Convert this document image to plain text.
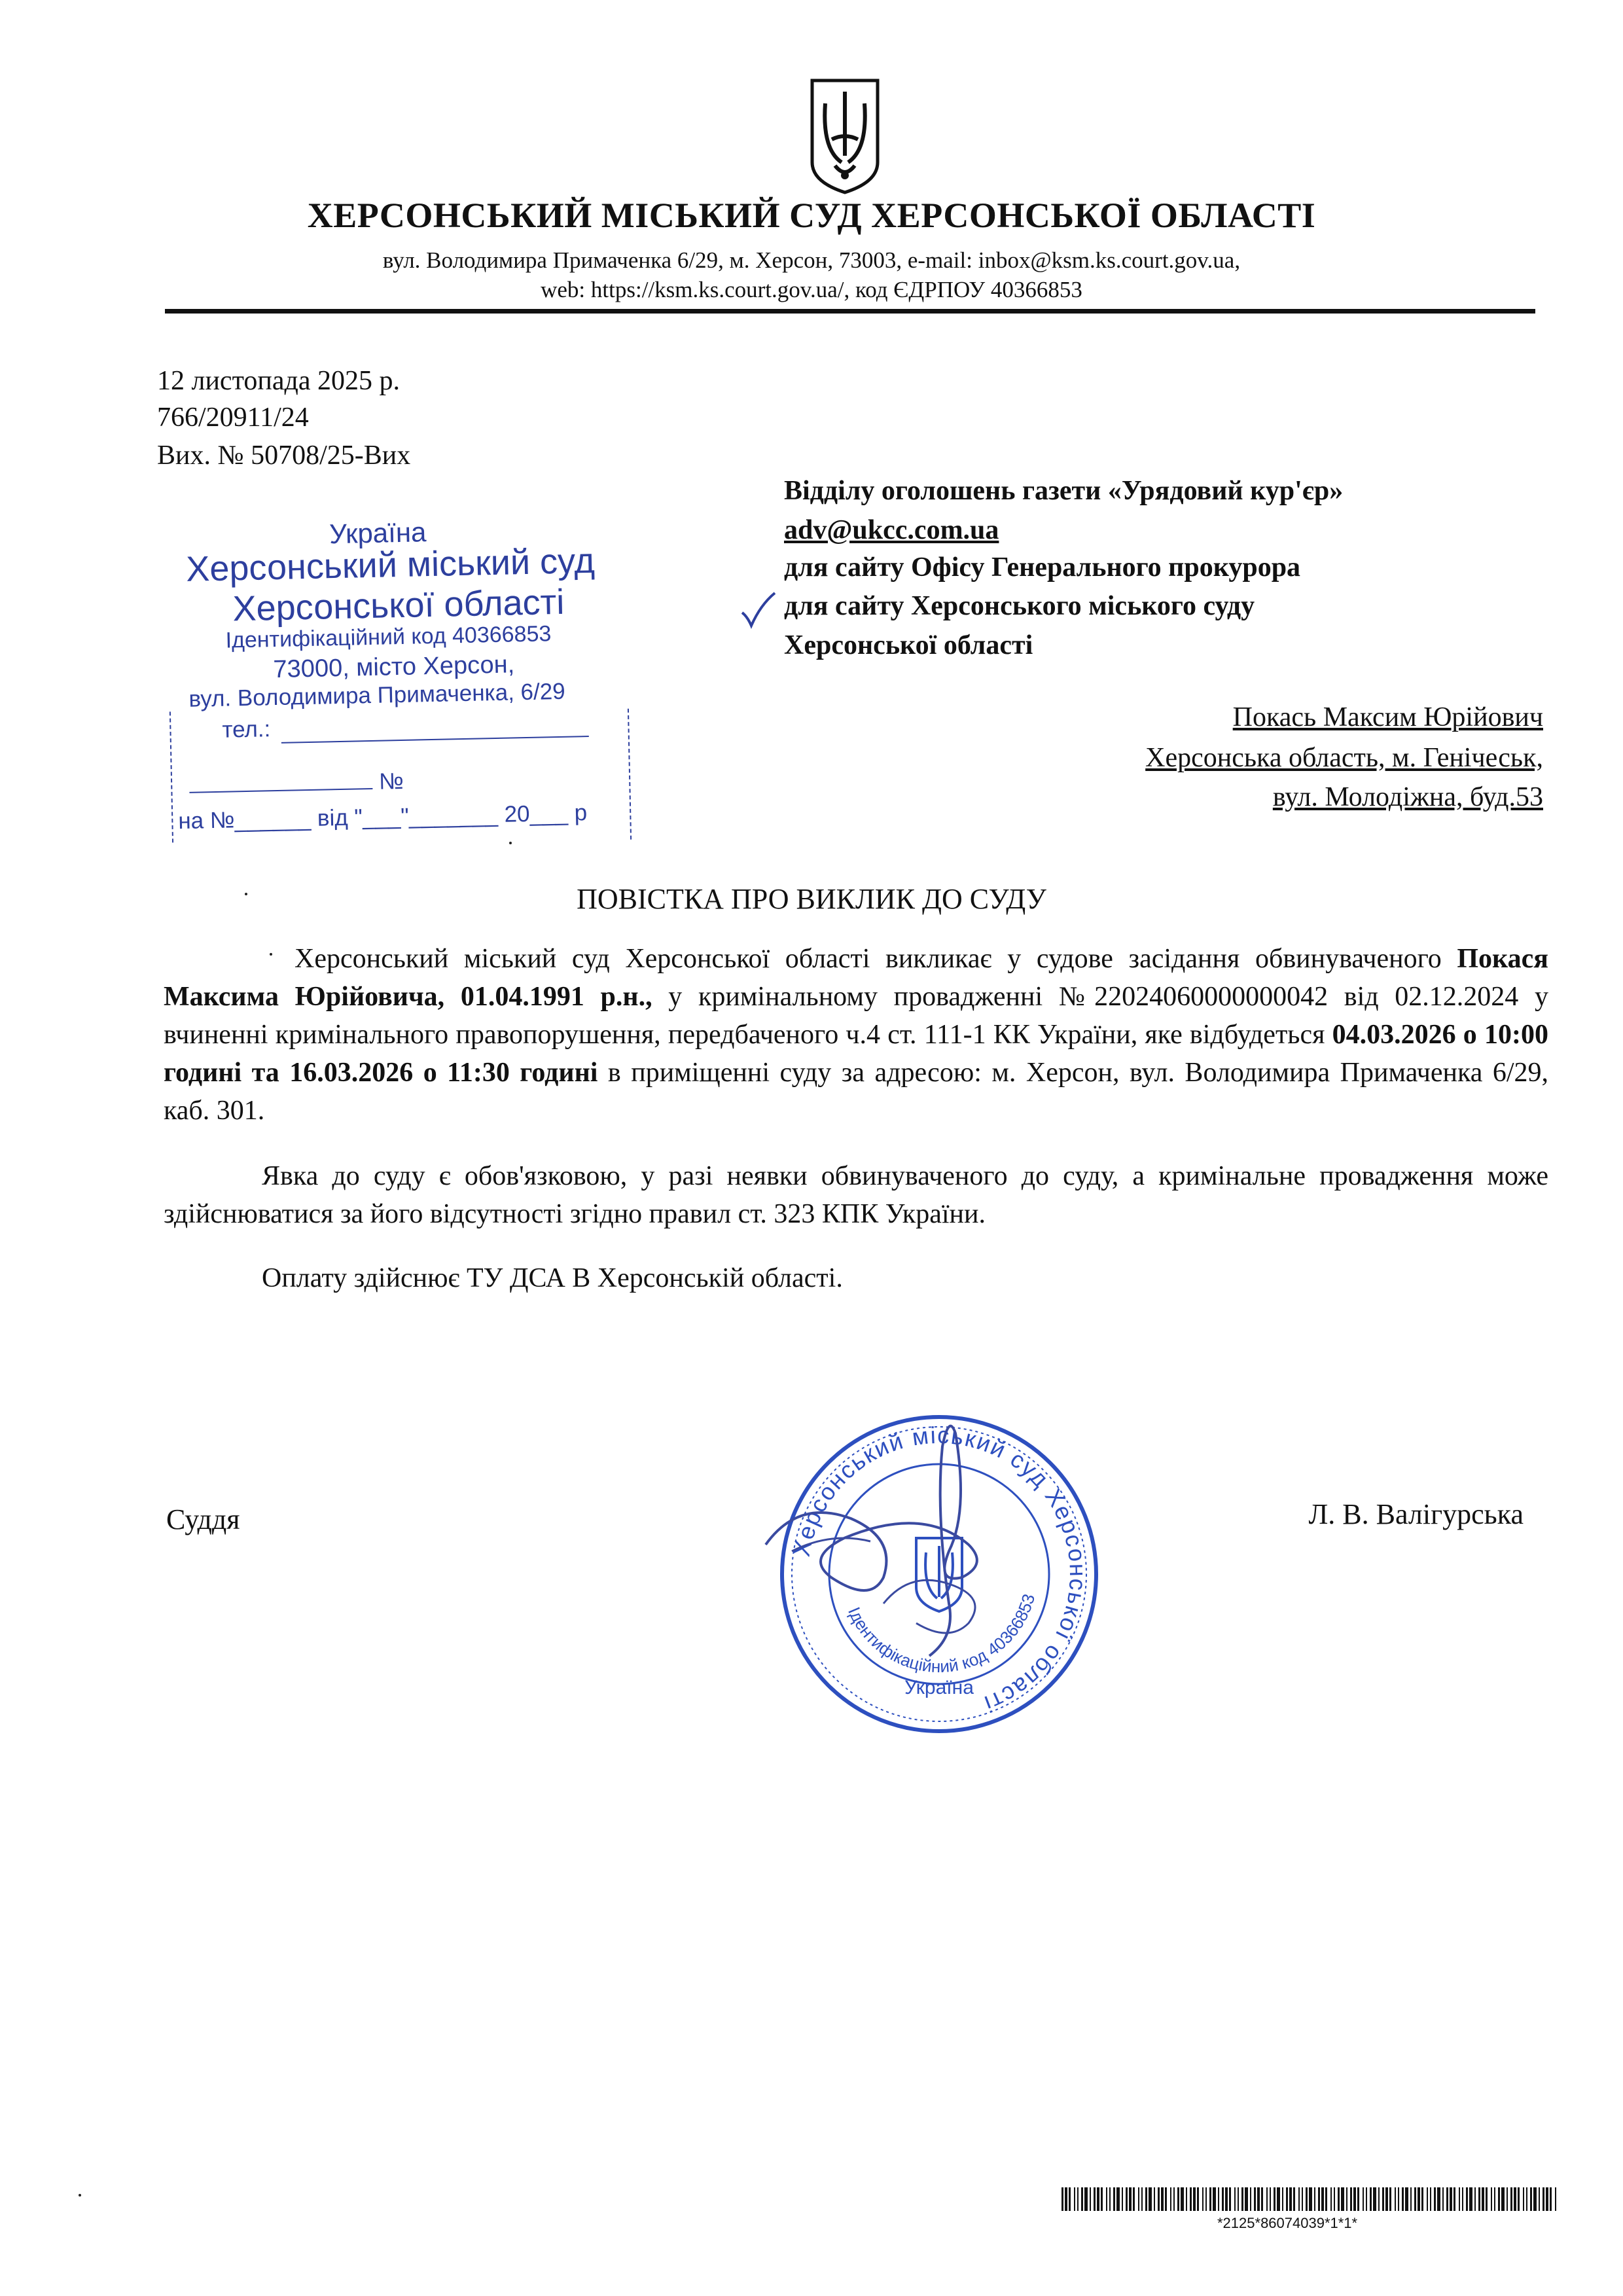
ХЕРСОНСЬКИЙ МІСЬКИЙ СУД ХЕРСОНСЬКОЇ ОБЛАСТІ
вул. Володимира Примаченка 6/29, м. Херсон, 73003, e-mail: inbox@ksm.ks.court.gov.ua,
web: https://ksm.ks.court.gov.ua/, код ЄДРПОУ 40366853
12 листопада 2025 р.
766/20911/24
Вих. № 50708/25-Вих
Україна
Херсонський міський суд
Херсонської області
Ідентифікаційний код 40366853
73000, місто Херсон,
вул. Володимира Примаченка, 6/29
тел.:
№
на №______ від "___"_______ 20___ р
Відділу оголошень газети «Урядовий кур'єр»
adv@ukcc.com.ua
для сайту Офісу Генерального прокурора
для сайту Херсонського міського суду
Херсонської області
Покась Максим Юрійович
Херсонська область, м. Генічеськ,
вул. Молодіжна, буд.53
ПОВІСТКА ПРО ВИКЛИК ДО СУДУ
Херсонський міський суд Херсонської області викликає у судове засідання обвинуваченого Покася Максима Юрійовича, 01.04.1991 р.н., у кримінальному провадженні №22024060000000042 від 02.12.2024 у вчиненні кримінального правопорушення, передбаченого ч.4 ст. 111-1 КК України, яке відбудеться 04.03.2026 о 10:00 годині та 16.03.2026 о 11:30 годині в приміщенні суду за адресою: м. Херсон, вул. Володимира Примаченка 6/29, каб. 301.
Явка до суду є обов'язковою, у разі неявки обвинуваченого до суду, а кримінальне провадження може здійснюватися за його відсутності згідно правил ст. 323 КПК України.
Оплату здійснює ТУ ДСА В Херсонській області.
Суддя	Л. В. Валігурська
Херсонський міський суд Херсонської області
Ідентифікаційний код 40366853
Україна
*2125*86074039*1*1*
